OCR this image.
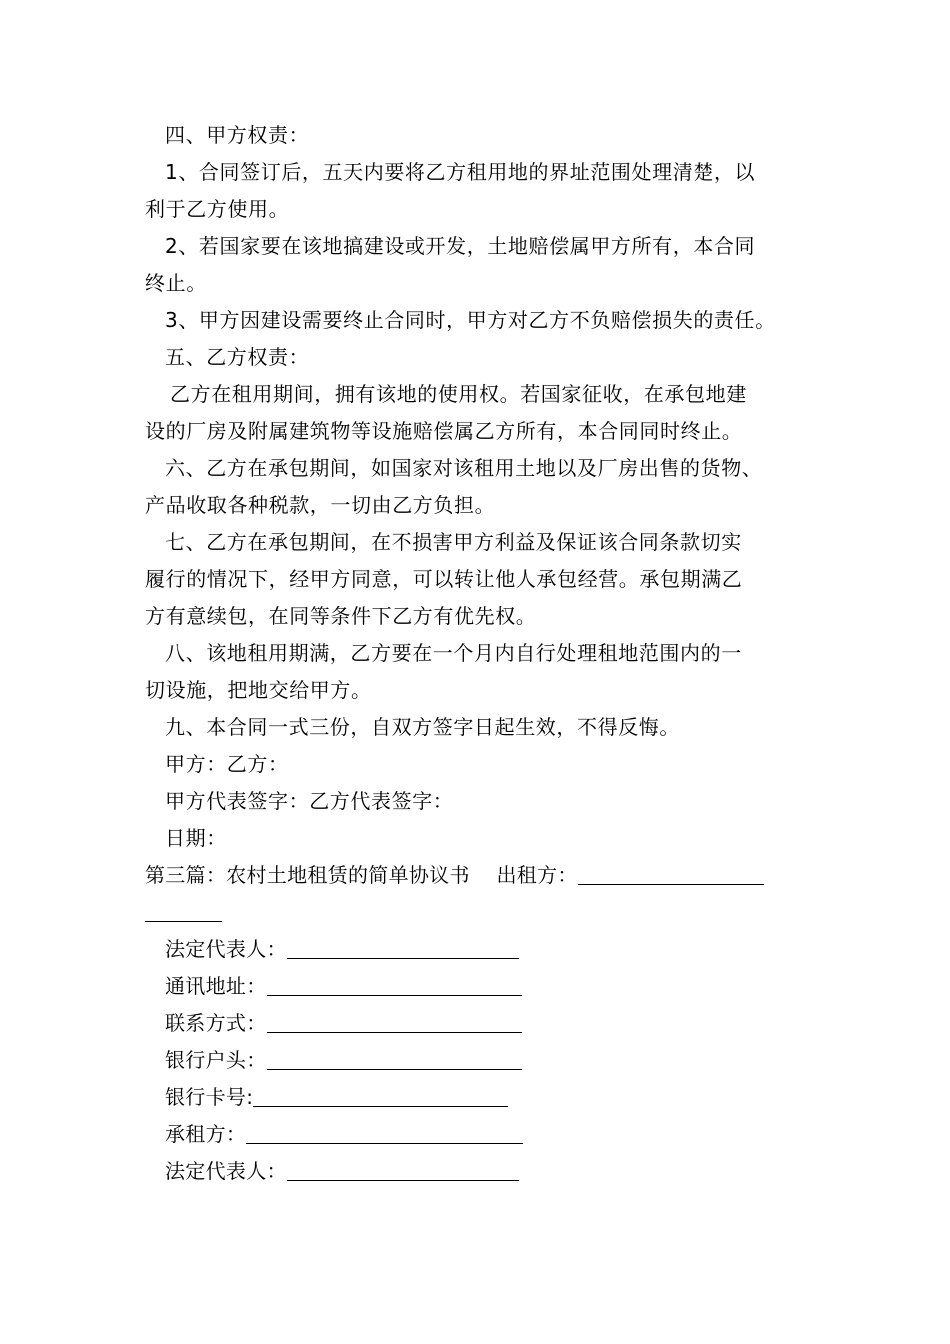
四、甲方权责：
1、合同签订后，五天内要将乙方租用地的界址范围处理清楚，以
利于乙方使用。
2、若国家要在该地搞建设或开发，土地赔偿属甲方所有，本合同
终止。
3、甲方因建设需要终止合同时，甲方对乙方不负赔偿损失的责任。
五、乙方权责：
乙方在租用期间，拥有该地的使用权。若国家征收，在承包地建
设的厂房及附属建筑物等设施赔偿属乙方所有，本合同同时终止。
六、乙方在承包期间，如国家对该租用土地以及厂房出售的货物、
产品收取各种税款，一切由乙方负担。
七、乙方在承包期间，在不损害甲方利益及保证该合同条款切实
履行的情况下，经甲方同意，可以转让他人承包经营。承包期满乙
方有意续包，在同等条件下乙方有优先权。
八、该地租用期满，乙方要在一个月内自行处理租地范围内的一
切设施，把地交给甲方。
九、本合同一式三份，自双方签字日起生效，不得反悔。
甲方：乙方：
甲方代表签字：乙方代表签字：
日期：
第三篇：农村土地租赁的简单协议书 出租方：
法定代表人：
通讯地址：
联系方式：
银行户头：
银行卡号:
承租方：
法定代表人：
